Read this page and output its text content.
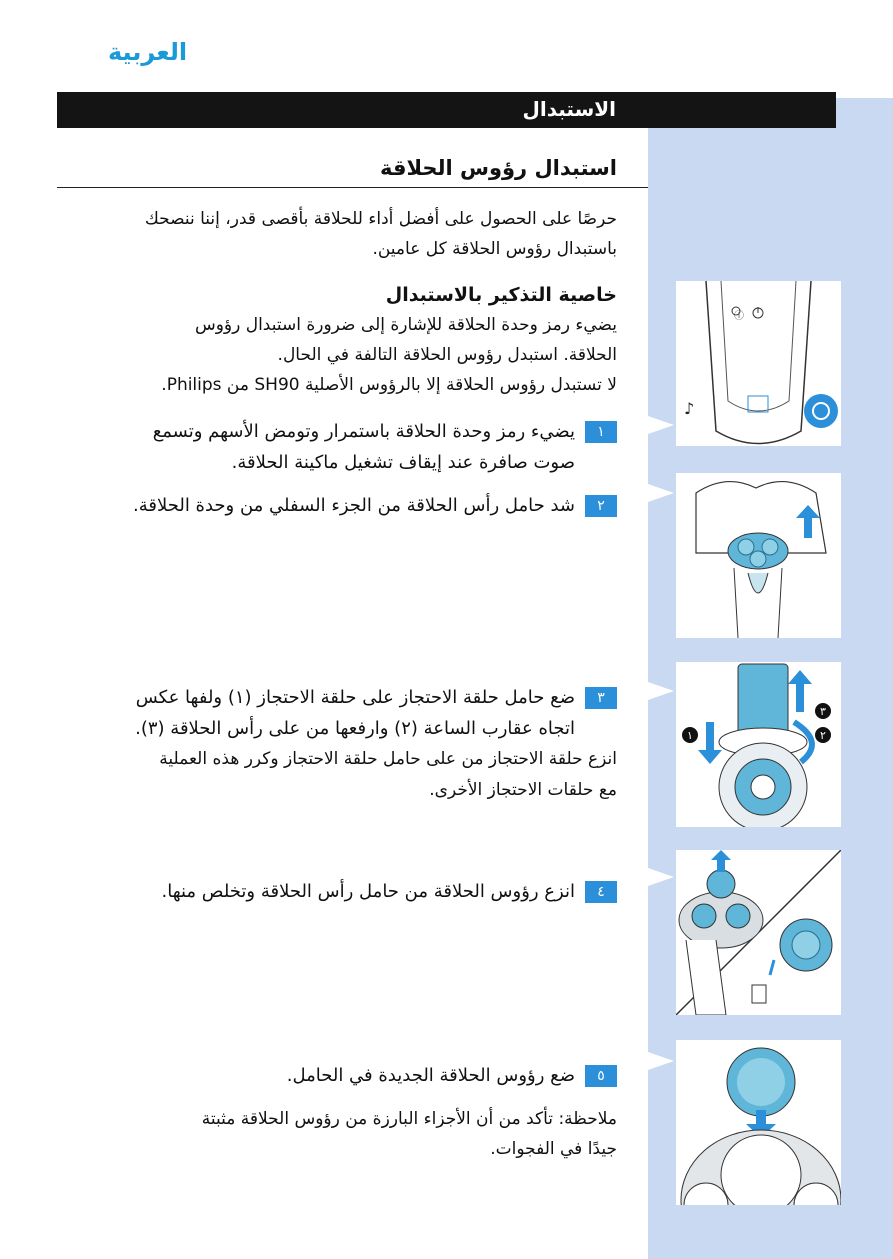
العربية
الاستبدال
استبدال رؤوس الحلاقة
حرصًا على الحصول على أفضل أداء للحلاقة بأقصى قدر، إننا ننصحك
باستبدال رؤوس الحلاقة كل عامين.
خاصية التذكير بالاستبدال
يضيء رمز وحدة الحلاقة للإشارة إلى ضرورة استبدال رؤوس
الحلاقة. استبدل رؤوس الحلاقة التالفة في الحال.
لا تستبدل رؤوس الحلاقة إلا بالرؤوس الأصلية SH90 من Philips.
١يضيء رمز وحدة الحلاقة باستمرار وتومض الأسهم وتسمع
صوت صافرة عند إيقاف تشغيل ماكينة الحلاقة.
٢شد حامل رأس الحلاقة من الجزء السفلي من وحدة الحلاقة.
٣ضع حامل حلقة الاحتجاز على حلقة الاحتجاز (١) ولفها عكس
اتجاه عقارب الساعة (٢) وارفعها من على رأس الحلاقة (٣).
انزع حلقة الاحتجاز من على حامل حلقة الاحتجاز وكرر هذه العملية
مع حلقات الاحتجاز الأخرى.
٤انزع رؤوس الحلاقة من حامل رأس الحلاقة وتخلص منها.
٥ضع رؤوس الحلاقة الجديدة في الحامل.
ملاحظة: تأكد من أن الأجزاء البارزة من رؤوس الحلاقة مثبتة
جيدًا في الفجوات.
ⓘ
♪
١	٢
٣
